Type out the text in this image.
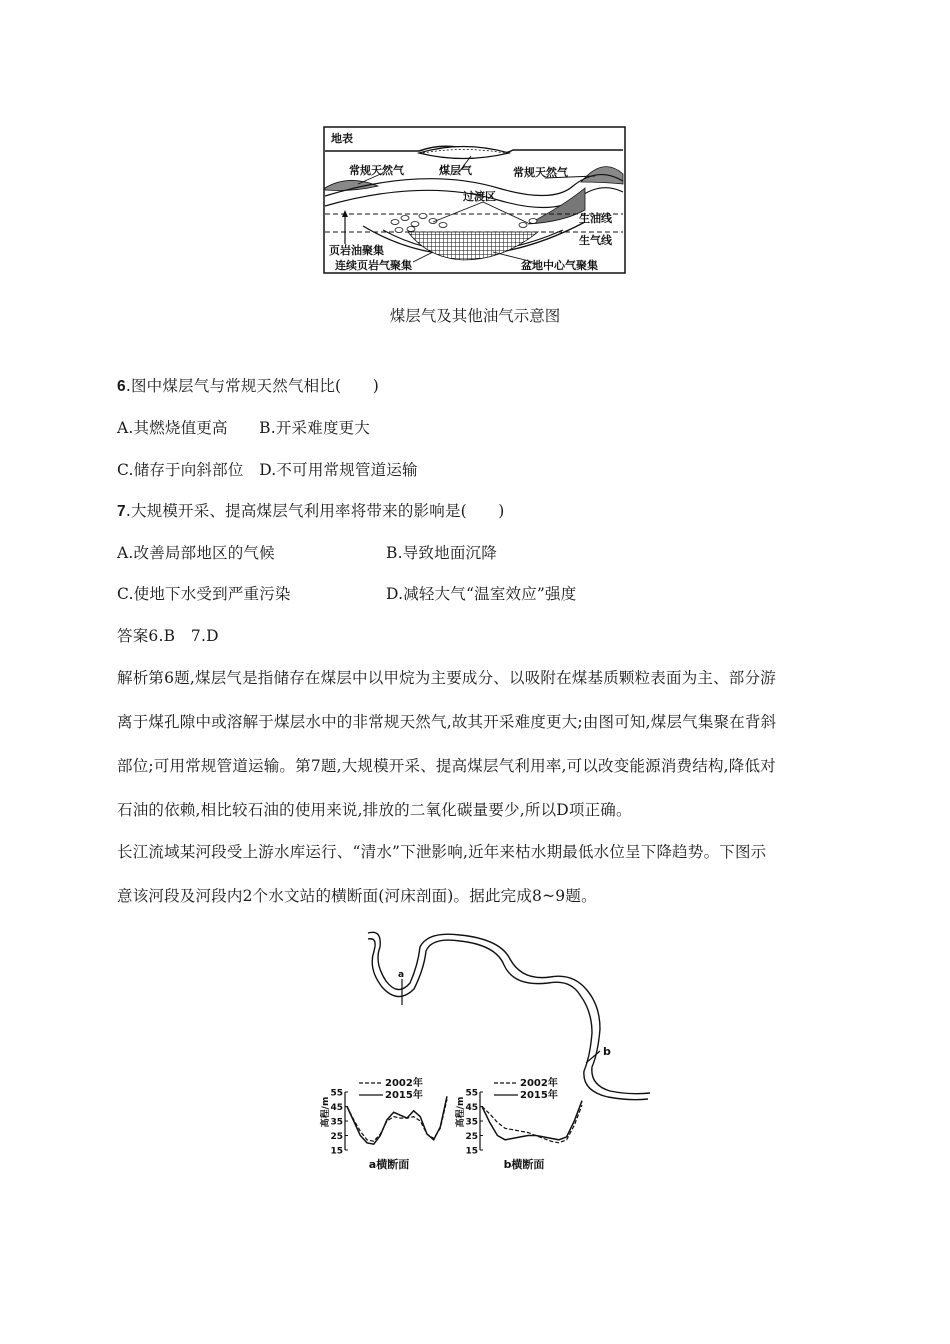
地表
常规天然气	煤层气	常规天然气
过渡区
生油线
生气线
页岩油聚集
连续页岩气聚集	盆地中心气聚集
煤层气及其他油气示意图
6.图中煤层气与常规天然气相比(　　)
A.其燃烧值更高　　B.开采难度更大
C.储存于向斜部位　D.不可用常规管道运输
7.大规模开采、提高煤层气利用率将带来的影响是(　　)
A.改善局部地区的气候	B.导致地面沉降
C.使地下水受到严重污染	D.减轻大气“温室效应”强度
答案6.B　7.D
解析第6题,煤层气是指储存在煤层中以甲烷为主要成分、以吸附在煤基质颗粒表面为主、部分游
离于煤孔隙中或溶解于煤层水中的非常规天然气,故其开采难度更大;由图可知,煤层气集聚在背斜
部位;可用常规管道运输。第7题,大规模开采、提高煤层气利用率,可以改变能源消费结构,降低对
石油的依赖,相比较石油的使用来说,排放的二氧化碳量要少,所以D项正确。
长江流域某河段受上游水库运行、“清水”下泄影响,近年来枯水期最低水位呈下降趋势。下图示
意该河段及河段内2个水文站的横断面(河床剖面)。据此完成8~9题。
a
b
55
45
35
25
15
高程/m
2002年
2015年
a横断面
55
45
35
25
15
高程/m
2002年
2015年
b横断面
